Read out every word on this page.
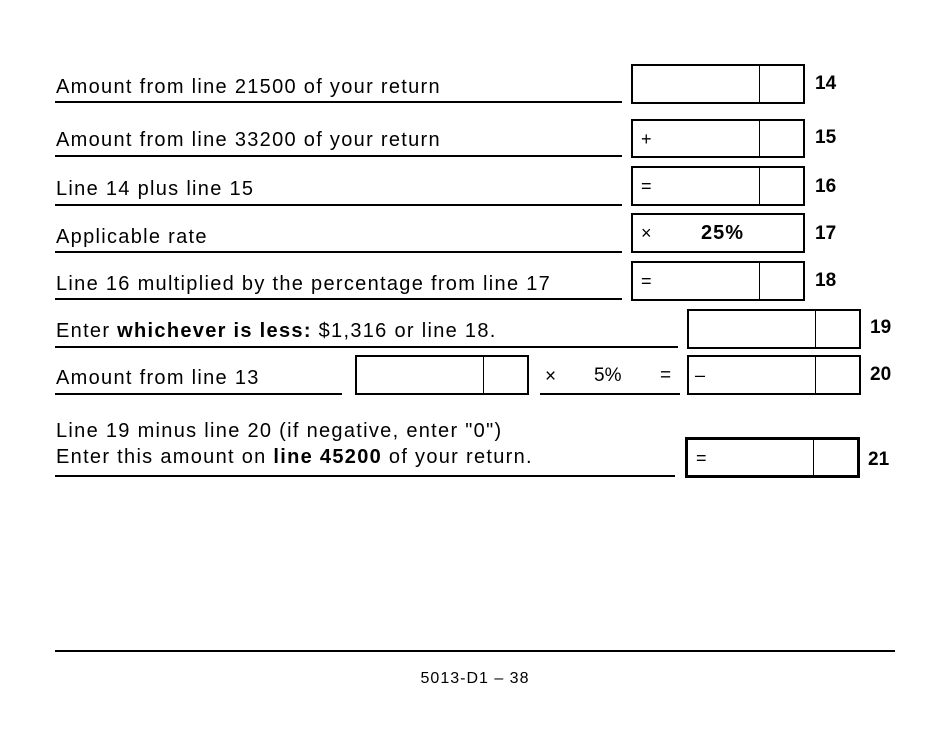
Amount from line 21500 of your return	14
Amount from line 33200 of your return	+	15
Line 14 plus line 15	=	16
Applicable rate	× 25%	17
Line 16 multiplied by the percentage from line 17	=	18
Enter whichever is less: $1,316 or line 18.	19
Amount from line 13	× 5% = –	20
Line 19 minus line 20 (if negative, enter "0")
Enter this amount on line 45200 of your return.	=	21
5013-D1 – 38
